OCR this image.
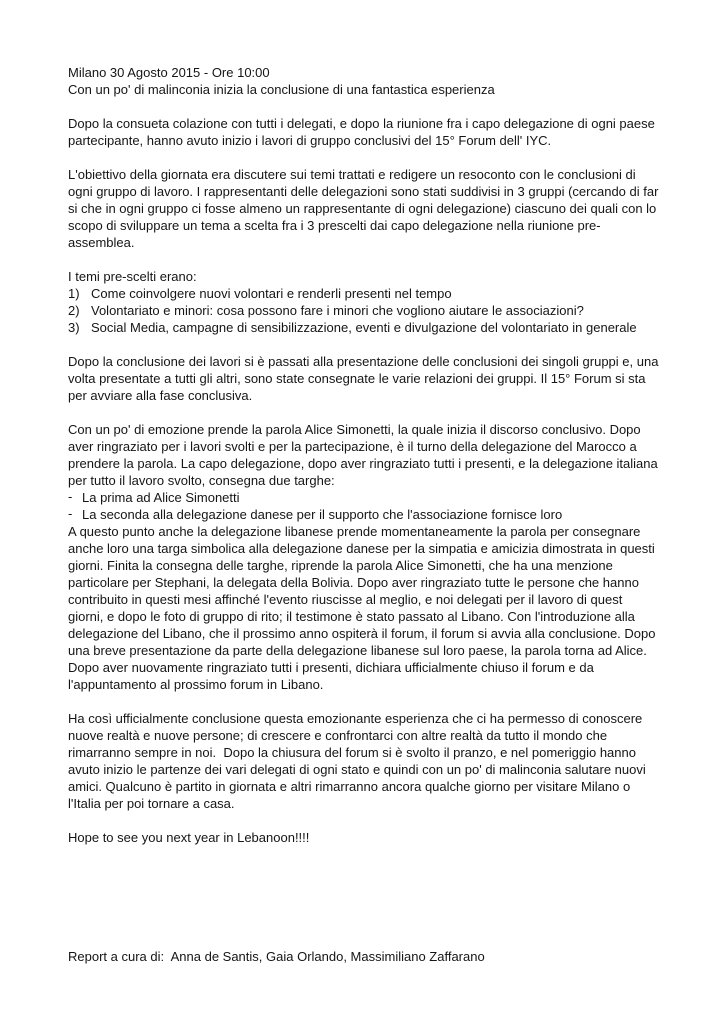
Milano 30 Agosto 2015 - Ore 10:00

Con un po' di malinconia inizia la conclusione di una fantastica esperienza

Dopo la consueta colazione con tutti i delegati, e dopo la riunione fra i capo delegazione di ogni paese partecipante, hanno avuto inizio i lavori di gruppo conclusivi del 15° Forum dell' IYC.

L'obiettivo della giornata era discutere sui temi trattati e redigere un resoconto con le conclusioni di ogni gruppo di lavoro. I rappresentanti delle delegazioni sono stati suddivisi in 3 gruppi (cercando di far si che in ogni gruppo ci fosse almeno un rappresentante di ogni delegazione) ciascuno dei quali con lo scopo di sviluppare un tema a scelta fra i 3 prescelti dai capo delegazione nella riunione pre-assemblea.

I temi pre-scelti erano:

1) Come coinvolgere nuovi volontari e renderli presenti nel tempo
2) Volontariato e minori: cosa possono fare i minori che vogliono aiutare le associazioni?
3) Social Media, campagne di sensibilizzazione, eventi e divulgazione del volontariato in generale

Dopo la conclusione dei lavori si è passati alla presentazione delle conclusioni dei singoli gruppi e, una volta presentate a tutti gli altri, sono state consegnate le varie relazioni dei gruppi. Il 15° Forum si sta per avviare alla fase conclusiva.

Con un po' di emozione prende la parola Alice Simonetti, la quale inizia il discorso conclusivo. Dopo aver ringraziato per i lavori svolti e per la partecipazione, è il turno della delegazione del Marocco a prendere la parola. La capo delegazione, dopo aver ringraziato tutti i presenti, e la delegazione italiana per tutto il lavoro svolto, consegna due targhe:

- La prima ad Alice Simonetti
- La seconda alla delegazione danese per il supporto che l'associazione fornisce loro

A questo punto anche la delegazione libanese prende momentaneamente la parola per consegnare anche loro una targa simbolica alla delegazione danese per la simpatia e amicizia dimostrata in questi giorni. Finita la consegna delle targhe, riprende la parola Alice Simonetti, che ha una menzione particolare per Stephani, la delegata della Bolivia. Dopo aver ringraziato tutte le persone che hanno contribuito in questi mesi affinché l'evento riuscisse al meglio, e noi delegati per il lavoro di quest giorni, e dopo le foto di gruppo di rito; il testimone è stato passato al Libano. Con l'introduzione alla delegazione del Libano, che il prossimo anno ospiterà il forum, il forum si avvia alla conclusione. Dopo una breve presentazione da parte della delegazione libanese sul loro paese, la parola torna ad Alice. Dopo aver nuovamente ringraziato tutti i presenti, dichiara ufficialmente chiuso il forum e da l'appuntamento al prossimo forum in Libano.

Ha così ufficialmente conclusione questa emozionante esperienza che ci ha permesso di conoscere nuove realtà e nuove persone; di crescere e confrontarci con altre realtà da tutto il mondo che rimarranno sempre in noi.  Dopo la chiusura del forum si è svolto il pranzo, e nel pomeriggio hanno avuto inizio le partenze dei vari delegati di ogni stato e quindi con un po' di malinconia salutare nuovi amici. Qualcuno è partito in giornata e altri rimarranno ancora qualche giorno per visitare Milano o l'Italia per poi tornare a casa.

Hope to see you next year in Lebanoon!!!!

Report a cura di:  Anna de Santis, Gaia Orlando, Massimiliano Zaffarano
